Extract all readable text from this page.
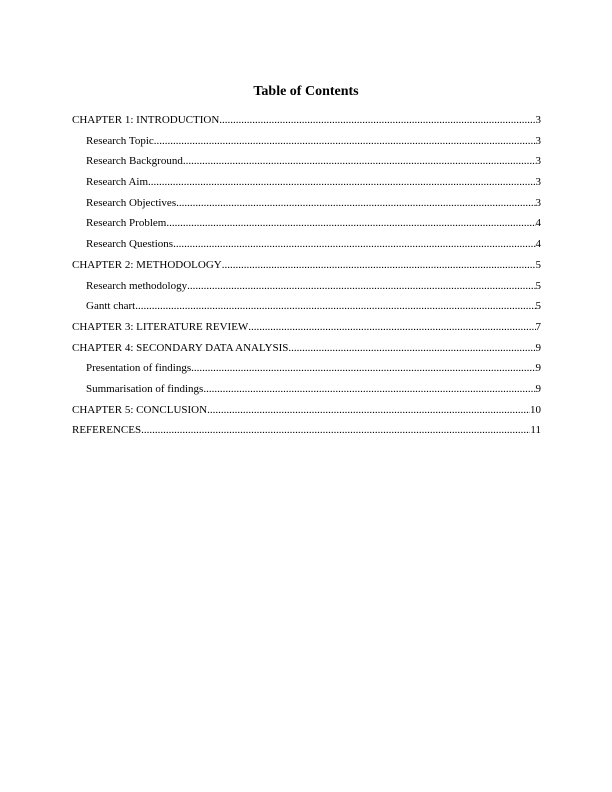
Table of Contents
CHAPTER 1: INTRODUCTION .....	3
Research Topic .....	3
Research Background .....	3
Research Aim .....	3
Research Objectives .....	3
Research Problem .....	4
Research Questions .....	4
CHAPTER 2: METHODOLOGY .....	5
Research methodology .....	5
Gantt chart .....	5
CHAPTER 3: LITERATURE REVIEW .....	7
CHAPTER 4: SECONDARY DATA ANALYSIS .....	9
Presentation of findings .....	9
Summarisation of findings .....	9
CHAPTER 5: CONCLUSION .....	10
REFERENCES .....	11
